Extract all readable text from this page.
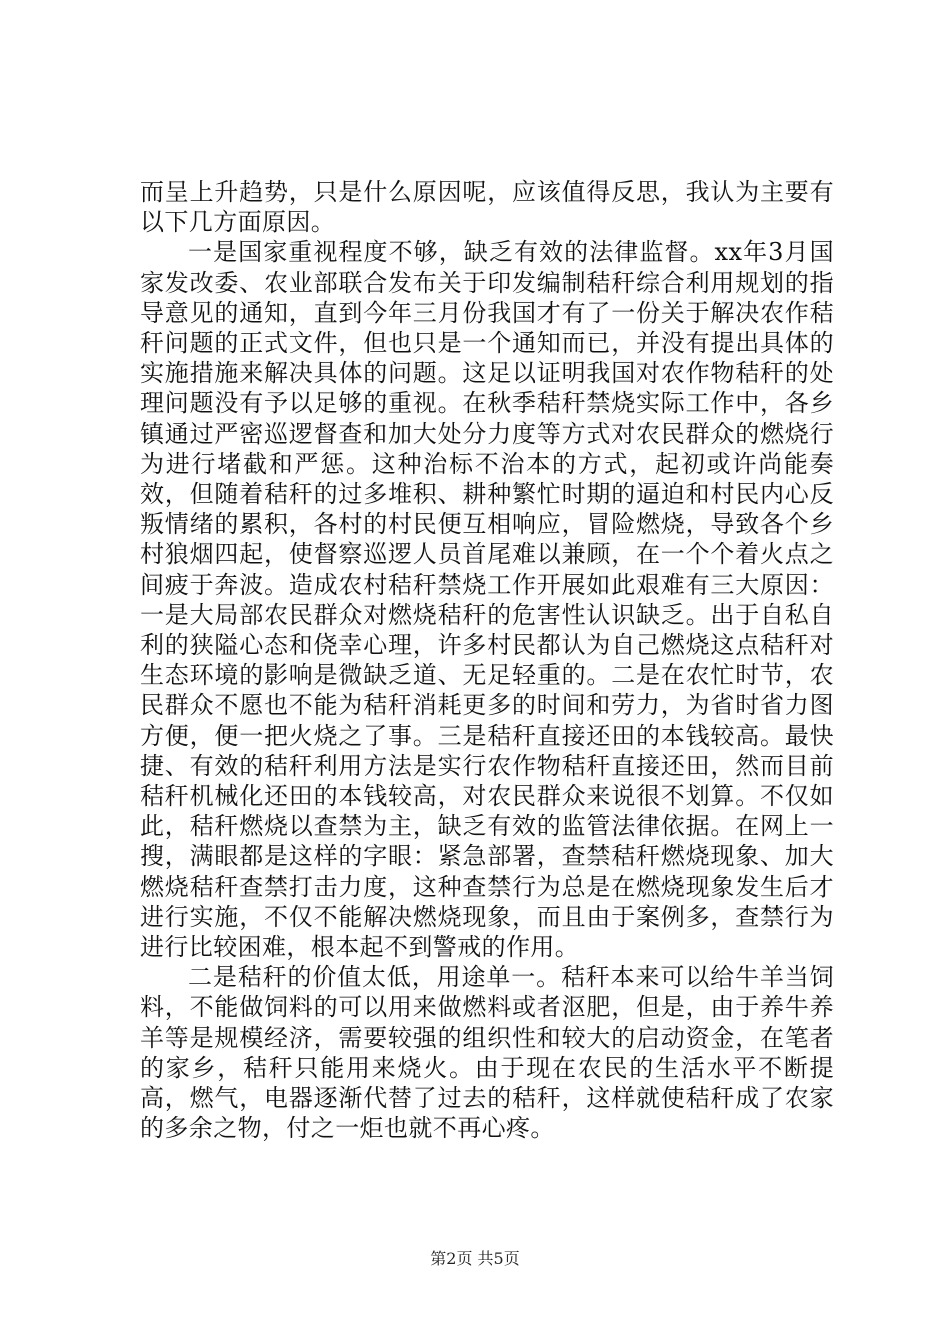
而呈上升趋势，只是什么原因呢，应该值得反思，我认为主要有以下几方面原因。

一是国家重视程度不够，缺乏有效的法律监督。xx年3月国家发改委、农业部联合发布关于印发编制秸秆综合利用规划的指导意见的通知，直到今年三月份我国才有了一份关于解决农作秸秆问题的正式文件，但也只是一个通知而已，并没有提出具体的实施措施来解决具体的问题。这足以证明我国对农作物秸秆的处理问题没有予以足够的重视。在秋季秸秆禁烧实际工作中，各乡镇通过严密巡逻督查和加大处分力度等方式对农民群众的燃烧行为进行堵截和严惩。这种治标不治本的方式，起初或许尚能奏效，但随着秸秆的过多堆积、耕种繁忙时期的逼迫和村民内心反叛情绪的累积，各村的村民便互相响应，冒险燃烧，导致各个乡村狼烟四起，使督察巡逻人员首尾难以兼顾，在一个个着火点之间疲于奔波。造成农村秸秆禁烧工作开展如此艰难有三大原因：一是大局部农民群众对燃烧秸秆的危害性认识缺乏。出于自私自利的狭隘心态和侥幸心理，许多村民都认为自己燃烧这点秸秆对生态环境的影响是微缺乏道、无足轻重的。二是在农忙时节，农民群众不愿也不能为秸秆消耗更多的时间和劳力，为省时省力图方便，便一把火烧之了事。三是秸秆直接还田的本钱较高。最快捷、有效的秸秆利用方法是实行农作物秸秆直接还田，然而目前秸秆机械化还田的本钱较高，对农民群众来说很不划算。不仅如此，秸秆燃烧以查禁为主，缺乏有效的监管法律依据。在网上一搜，满眼都是这样的字眼：紧急部署，查禁秸秆燃烧现象、加大燃烧秸秆查禁打击力度，这种查禁行为总是在燃烧现象发生后才进行实施，不仅不能解决燃烧现象，而且由于案例多，查禁行为进行比较困难，根本起不到警戒的作用。

二是秸秆的价值太低，用途单一。秸秆本来可以给牛羊当饲料，不能做饲料的可以用来做燃料或者沤肥，但是，由于养牛养羊等是规模经济，需要较强的组织性和较大的启动资金，在笔者的家乡，秸秆只能用来烧火。由于现在农民的生活水平不断提高，燃气，电器逐渐代替了过去的秸秆，这样就使秸秆成了农家的多余之物，付之一炬也就不再心疼。

第2页 共5页
